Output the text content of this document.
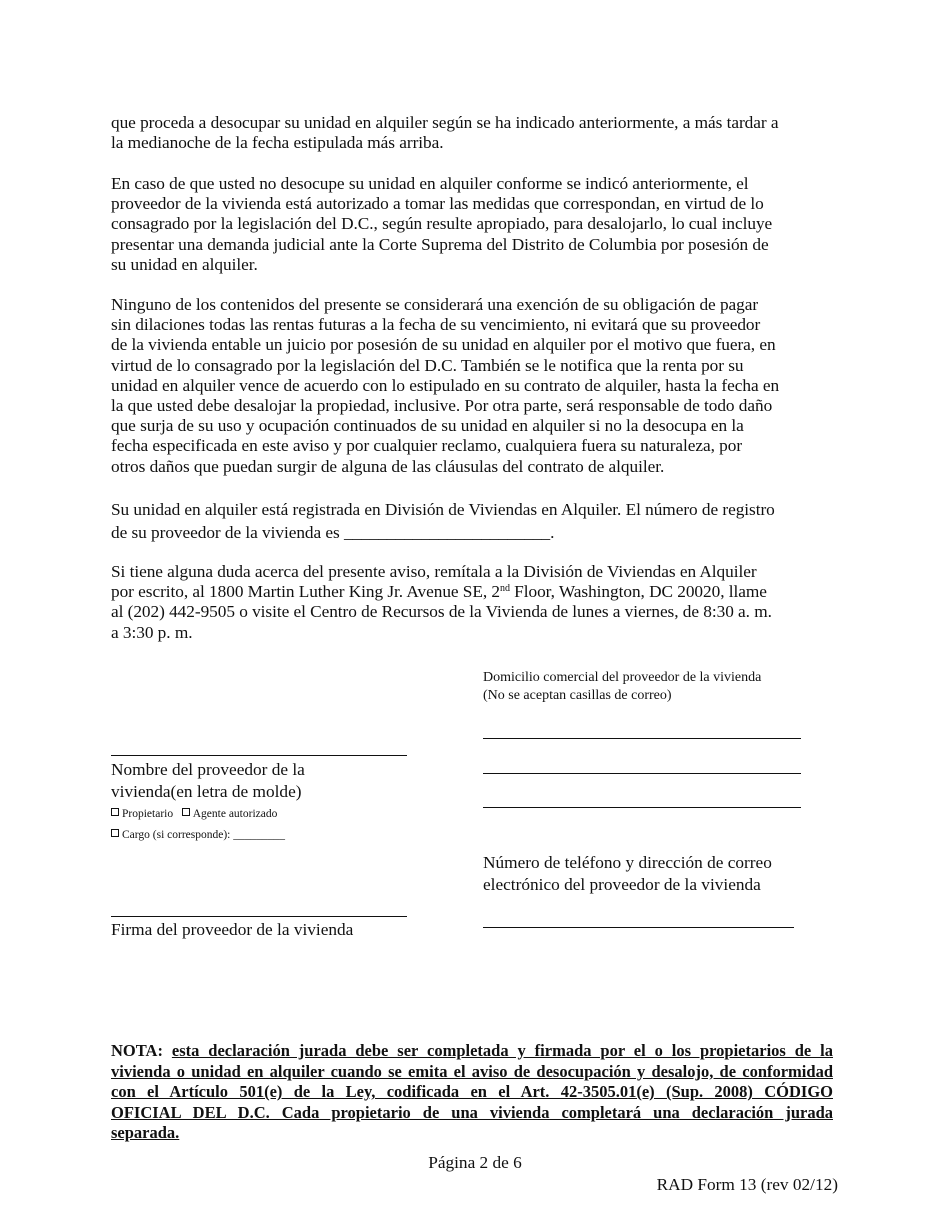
que proceda a desocupar su unidad en alquiler según se ha indicado anteriormente, a más tardar a
la medianoche de la fecha estipulada más arriba.
En caso de que usted no desocupe su unidad en alquiler conforme se indicó anteriormente, el
proveedor de la vivienda está autorizado a tomar las medidas que correspondan, en virtud de lo
consagrado por la legislación del D.C., según resulte apropiado, para desalojarlo, lo cual incluye
presentar una demanda judicial ante la Corte Suprema del Distrito de Columbia por posesión de
su unidad en alquiler.
Ninguno de los contenidos del presente se considerará una exención de su obligación de pagar
sin dilaciones todas las rentas futuras a la fecha de su vencimiento, ni evitará que su proveedor
de la vivienda entable un juicio por posesión de su unidad en alquiler por el motivo que fuera, en
virtud de lo consagrado por la legislación del D.C. También se le notifica que la renta por su
unidad en alquiler vence de acuerdo con lo estipulado en su contrato de alquiler, hasta la fecha en
la que usted debe desalojar la propiedad, inclusive. Por otra parte, será responsable de todo daño
que surja de su uso y ocupación continuados de su unidad en alquiler si no la desocupa en la
fecha especificada en este aviso y por cualquier reclamo, cualquiera fuera su naturaleza, por
otros daños que puedan surgir de alguna de las cláusulas del contrato de alquiler.
Su unidad en alquiler está registrada en División de Viviendas en Alquiler. El número de registro
de su proveedor de la vivienda es ________________________.
Si tiene alguna duda acerca del presente aviso, remítala a la División de Viviendas en Alquiler
por escrito, al 1800 Martin Luther King Jr. Avenue SE, 2nd Floor, Washington, DC 20020, llame
al (202) 442-9505 o visite el Centro de Recursos de la Vivienda de lunes a viernes, de 8:30 a. m.
a 3:30 p. m.
Domicilio comercial del proveedor de la vivienda
(No se aceptan casillas de correo)
Nombre del proveedor de la
vivienda(en letra de molde)
Propietario Agente autorizado
Cargo (si corresponde): _________
Número de teléfono y dirección de correo
electrónico del proveedor de la vivienda
Firma del proveedor de la vivienda
NOTA: esta declaración jurada debe ser completada y firmada por el o los propietarios de la
vivienda o unidad en alquiler cuando se emita el aviso de desocupación y desalojo, de conformidad
con el Artículo 501(e) de la Ley, codificada en el Art. 42-3505.01(e) (Sup. 2008) CÓDIGO
OFICIAL DEL D.C. Cada propietario de una vivienda completará una declaración jurada
separada.
Página 2 de 6
RAD Form 13 (rev 02/12)
